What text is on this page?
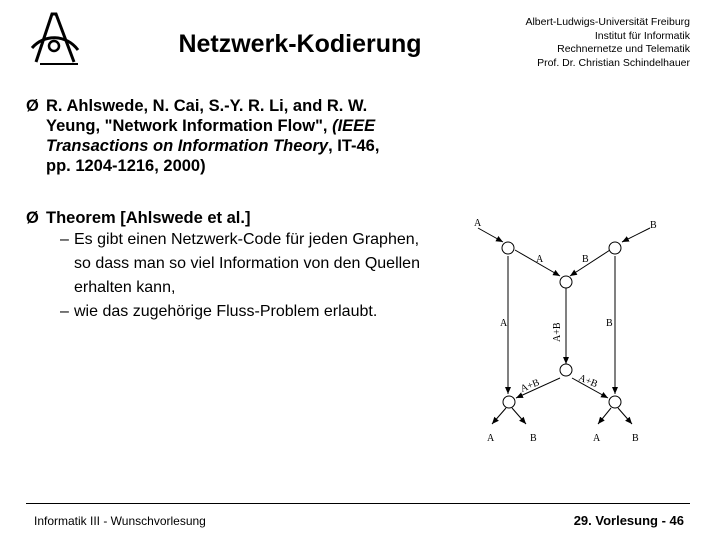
Netzwerk-Kodierung
Albert-Ludwigs-Universität Freiburg
Institut für Informatik
Rechnernetze und Telematik
Prof. Dr. Christian Schindelhauer
Ø R. Ahlswede, N. Cai, S.-Y. R. Li, and R. W.
Yeung, "Network Information Flow", (IEEE
Transactions on Information Theory, IT-46,
pp. 1204-1216, 2000)
Ø Theorem [Ahlswede et al.]
– Es gibt einen Netzwerk-Code für jeden Graphen, so dass man so viel Information von den Quellen erhalten kann,
– wie das zugehörige Fluss-Problem erlaubt.
A	B
A	B
A	B
A+B
A+B	A+B
A	B	A	B
Informatik III - Wunschvorlesung	29. Vorlesung - 46
